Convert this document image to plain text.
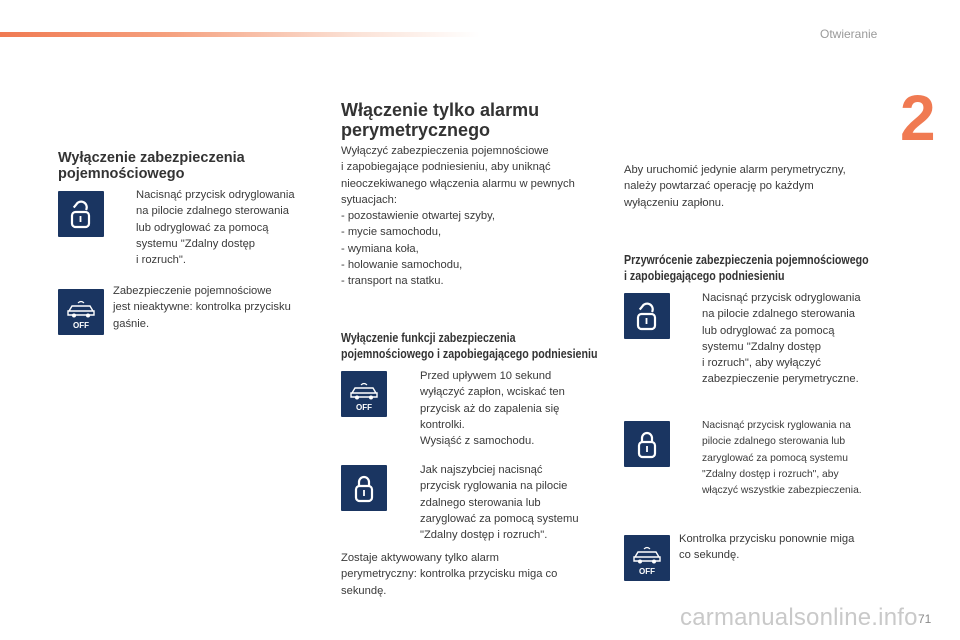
Otwieranie
2
Wyłączenie zabezpieczenia
pojemnościowego

Nacisnąć przycisk odryglowania
na pilocie zdalnego sterowania
lub odryglować za pomocą
systemu "Zdalny dostęp
i rozruch".

OFF

Zabezpieczenie pojemnościowe
jest nieaktywne: kontrolka przycisku
gaśnie.

Włączenie tylko alarmu
perymetrycznego

Wyłączyć zabezpieczenia pojemnościowe
i zapobiegające podniesieniu, aby uniknąć
nieoczekiwanego włączenia alarmu w pewnych
sytuacjach:
- pozostawienie otwartej szyby,
- mycie samochodu,
- wymiana koła,
- holowanie samochodu,
- transport na statku.

Wyłączenie funkcji zabezpieczenia
pojemnościowego i zapobiegającego podniesieniu
OFF

Przed upływem 10 sekund
wyłączyć zapłon, wciskać ten
przycisk aż do zapalenia się
kontrolki.

Wysiąść z samochodu.

Jak najszybciej nacisnąć
przycisk ryglowania na pilocie
zdalnego sterowania lub
zaryglować za pomocą systemu
"Zdalny dostęp i rozruch".

Zostaje aktywowany tylko alarm
perymetryczny: kontrolka przycisku miga co
sekundę.

Aby uruchomić jedynie alarm perymetryczny,
należy powtarzać operację po każdym
wyłączeniu zapłonu.

Przywrócenie zabezpieczenia pojemnościowego
i zapobiegającego podniesieniu

Nacisnąć przycisk odryglowania
na pilocie zdalnego sterowania
lub odryglować za pomocą
systemu "Zdalny dostęp
i rozruch", aby wyłączyć
zabezpieczenie perymetryczne.

Nacisnąć przycisk ryglowania na
pilocie zdalnego sterowania lub
zaryglować za pomocą systemu
"Zdalny dostęp i rozruch", aby
włączyć wszystkie zabezpieczenia.

OFF

Kontrolka przycisku ponownie miga
co sekundę.

carmanualsonline.info 71
